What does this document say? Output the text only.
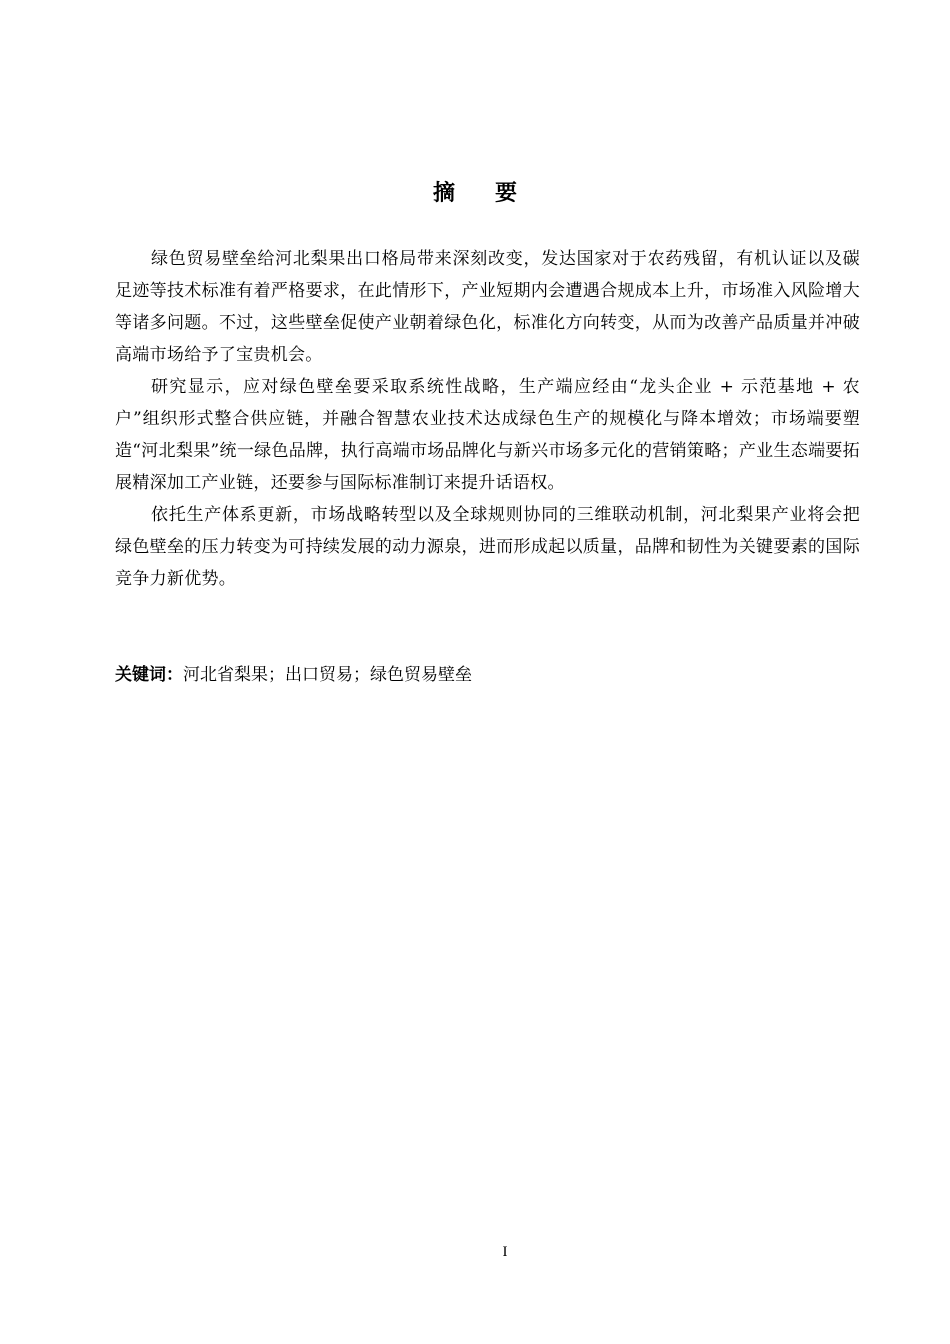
摘要

绿色贸易壁垒给河北梨果出口格局带来深刻改变，发达国家对于农药残留，有机认证以及碳足迹等技术标准有着严格要求，在此情形下，产业短期内会遭遇合规成本上升，市场准入风险增大等诸多问题。不过，这些壁垒促使产业朝着绿色化，标准化方向转变，从而为改善产品质量并冲破高端市场给予了宝贵机会。

研究显示，应对绿色壁垒要采取系统性战略，生产端应经由“龙头企业 + 示范基地 + 农户”组织形式整合供应链，并融合智慧农业技术达成绿色生产的规模化与降本增效；市场端要塑造“河北梨果”统一绿色品牌，执行高端市场品牌化与新兴市场多元化的营销策略；产业生态端要拓展精深加工产业链，还要参与国际标准制订来提升话语权。

依托生产体系更新，市场战略转型以及全球规则协同的三维联动机制，河北梨果产业将会把绿色壁垒的压力转变为可持续发展的动力源泉，进而形成起以质量，品牌和韧性为关键要素的国际竞争力新优势。

关键词：河北省梨果；出口贸易；绿色贸易壁垒
I
